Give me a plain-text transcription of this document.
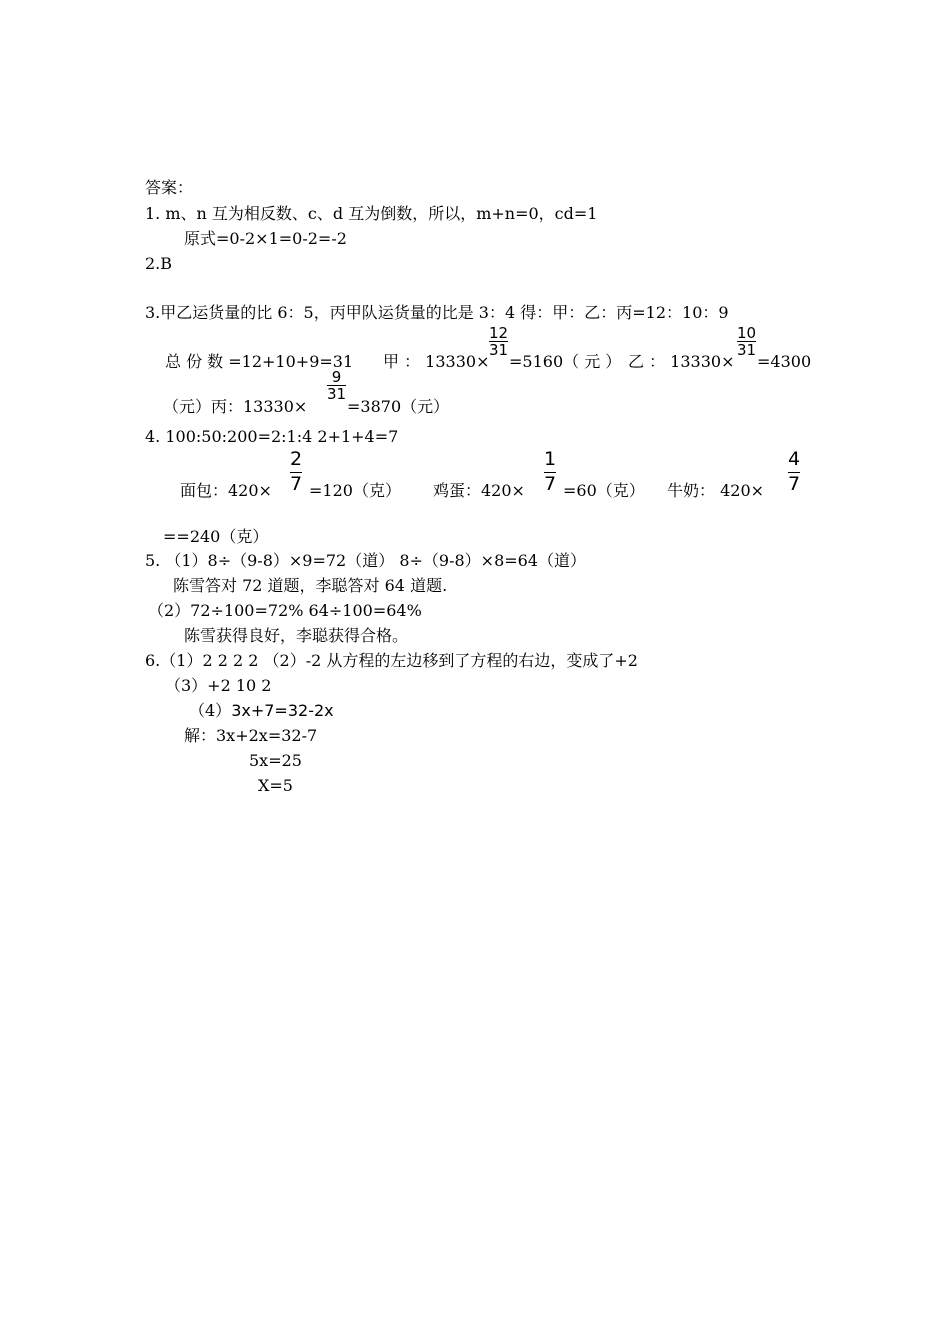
答案：
1. m、n 互为相反数、c、d 互为倒数，所以，m+n=0，cd=1
原式=0-2×1=0-2=-2
2.B
3.甲乙运货量的比 6：5，丙甲队运货量的比是 3：4 得：甲：乙：丙=12：10：9
总 份 数 =12+10+9=31 甲 ： 13330×
12
31
=5160（ 元 ） 乙 ： 13330×
10
31
=4300
（元）丙：13330×
9
31
=3870（元）
4. 100:50:200=2:1:4 2+1+4=7
面包：420×
2
7 =120（克） 鸡蛋：420×
1
7 =60（克） 牛奶： 420×
4
7
==240（克）
5. （1）8÷（9-8）×9=72（道） 8÷（9-8）×8=64（道）
陈雪答对 72 道题，李聪答对 64 道题.
（2）72÷100=72% 64÷100=64%
陈雪获得良好，李聪获得合格。
6.（1）2 2 2 2 （2）-2 从方程的左边移到了方程的右边，变成了+2
（3）+2 10 2
（4）3x+7=32-2x
解：3x+2x=32-7
5x=25
X=5
